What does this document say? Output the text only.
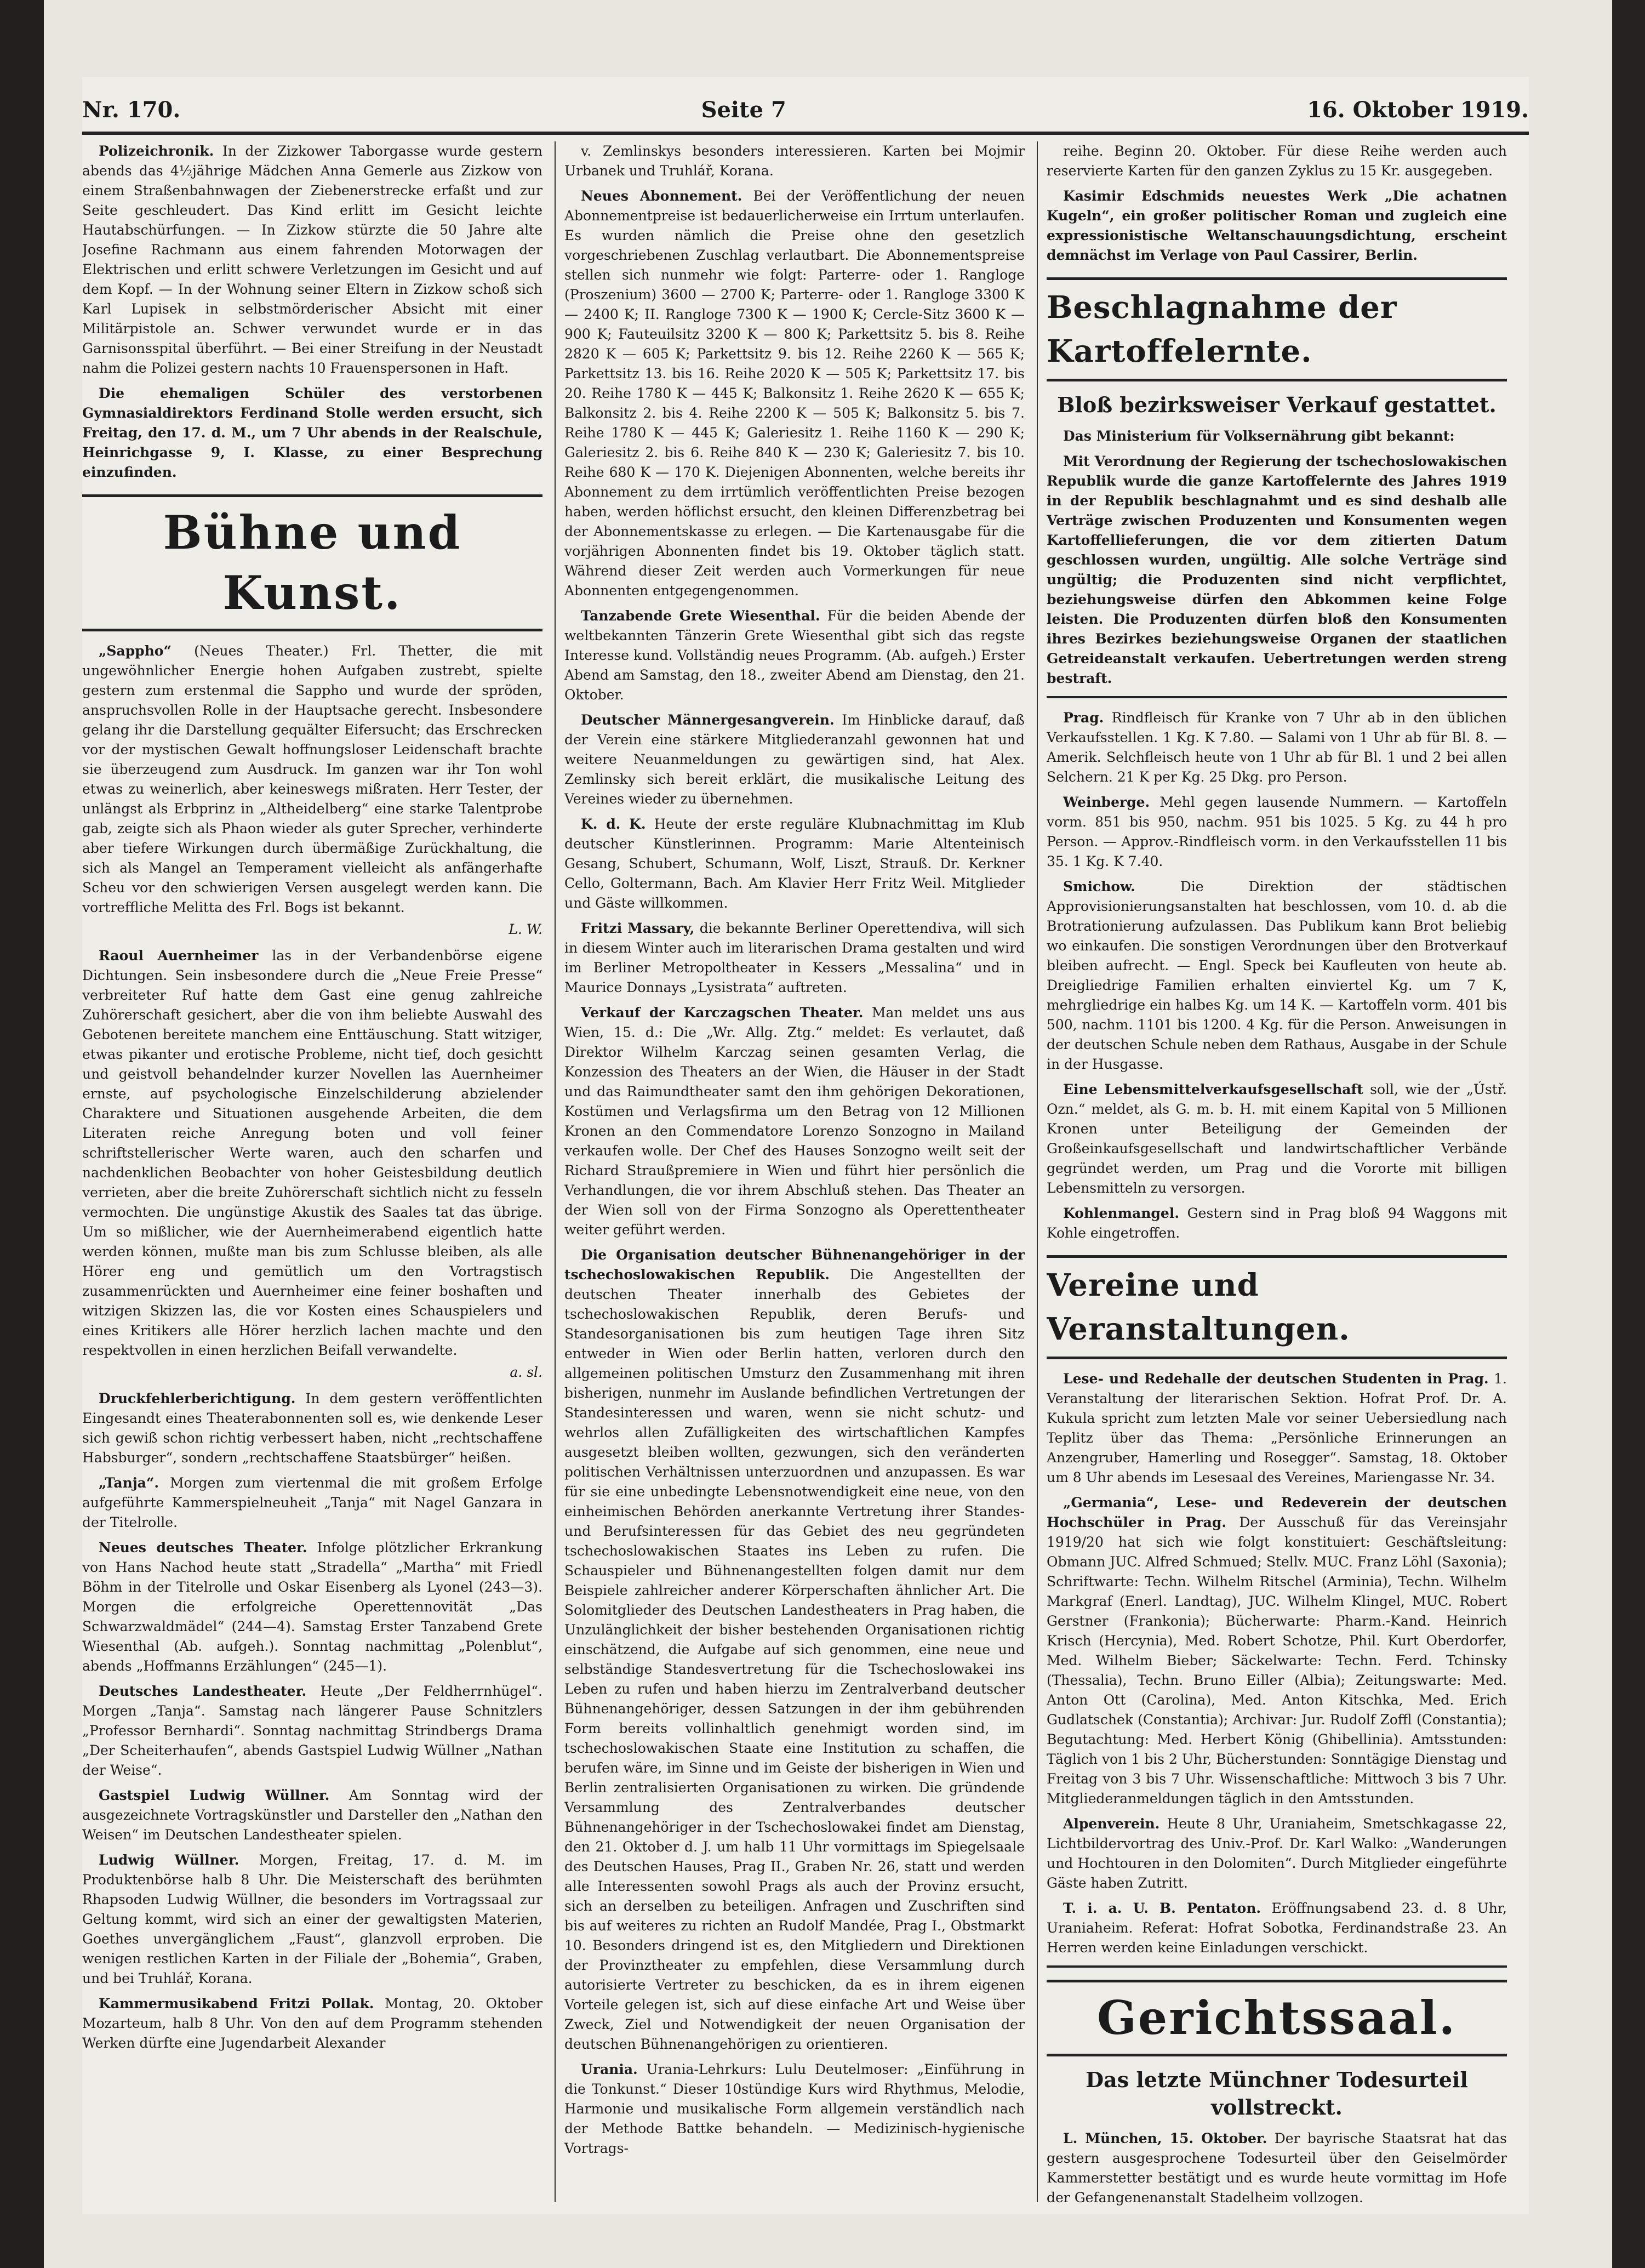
Nr. 170.	Seite 7	16. Oktober 1919.

Polizeichronik. In der Zizkower Taborgasse wurde gestern abends das 4½jährige Mädchen Anna Gemerle aus Zizkow von einem Straßenbahnwagen der Ziebenerstrecke erfaßt und zur Seite geschleudert. Das Kind erlitt im Gesicht leichte Hautabschürfungen. — In Zizkow stürzte die 50 Jahre alte Josefine Rachmann aus einem fahrenden Motorwagen der Elektrischen und erlitt schwere Verletzungen im Gesicht und auf dem Kopf. — In der Wohnung seiner Eltern in Zizkow schoß sich Karl Lupisek in selbstmörderischer Absicht mit einer Militärpistole an. Schwer verwundet wurde er in das Garnisonsspital überführt. — Bei einer Streifung in der Neustadt nahm die Polizei gestern nachts 10 Frauenspersonen in Haft.

Die ehemaligen Schüler des verstorbenen Gymnasialdirektors Ferdinand Stolle werden ersucht, sich Freitag, den 17. d. M., um 7 Uhr abends in der Realschule, Heinrichgasse 9, I. Klasse, zu einer Besprechung einzufinden.

Bühne und Kunst.

„Sappho“ (Neues Theater.) Frl. Thetter, die mit ungewöhnlicher Energie hohen Aufgaben zustrebt, spielte gestern zum erstenmal die Sappho und wurde der spröden, anspruchsvollen Rolle in der Hauptsache gerecht. Insbesondere gelang ihr die Darstellung gequälter Eifersucht; das Erschrecken vor der mystischen Gewalt hoffnungsloser Leidenschaft brachte sie überzeugend zum Ausdruck. Im ganzen war ihr Ton wohl etwas zu weinerlich, aber keineswegs mißraten. Herr Tester, der unlängst als Erbprinz in „Altheidelberg“ eine starke Talentprobe gab, zeigte sich als Phaon wieder als guter Sprecher, verhinderte aber tiefere Wirkungen durch übermäßige Zurückhaltung, die sich als Mangel an Temperament vielleicht als anfängerhafte Scheu vor den schwierigen Versen ausgelegt werden kann. Die vortreffliche Melitta des Frl. Bogs ist bekannt.

L. W.

Raoul Auernheimer las in der Verbandenbörse eigene Dichtungen. Sein insbesondere durch die „Neue Freie Presse“ verbreiteter Ruf hatte dem Gast eine genug zahlreiche Zuhörerschaft gesichert, aber die von ihm beliebte Auswahl des Gebotenen bereitete manchem eine Enttäuschung. Statt witziger, etwas pikanter und erotische Probleme, nicht tief, doch gesichtt und geistvoll behandelnder kurzer Novellen las Auernheimer ernste, auf psychologische Einzelschilderung abzielender Charaktere und Situationen ausgehende Arbeiten, die dem Literaten reiche Anregung boten und voll feiner schriftstellerischer Werte waren, auch den scharfen und nachdenklichen Beobachter von hoher Geistesbildung deutlich verrieten, aber die breite Zuhörerschaft sichtlich nicht zu fesseln vermochten. Die ungünstige Akustik des Saales tat das übrige. Um so mißlicher, wie der Auernheimerabend eigentlich hatte werden können, mußte man bis zum Schlusse bleiben, als alle Hörer eng und gemütlich um den Vortragstisch zusammenrückten und Auernheimer eine feiner boshaften und witzigen Skizzen las, die vor Kosten eines Schauspielers und eines Kritikers alle Hörer herzlich lachen machte und den respektvollen in einen herzlichen Beifall verwandelte.

a. sl.

Druckfehlerberichtigung. In dem gestern veröffentlichten Eingesandt eines Theaterabonnenten soll es, wie denkende Leser sich gewiß schon richtig verbessert haben, nicht „rechtschaffene Habsburger“, sondern „rechtschaffene Staatsbürger“ heißen.

„Tanja“. Morgen zum viertenmal die mit großem Erfolge aufgeführte Kammerspielneuheit „Tanja“ mit Nagel Ganzara in der Titelrolle.

Neues deutsches Theater. Infolge plötzlicher Erkrankung von Hans Nachod heute statt „Stradella“ „Martha“ mit Friedl Böhm in der Titelrolle und Oskar Eisenberg als Lyonel (243—3). Morgen die erfolgreiche Operettennovität „Das Schwarzwaldmädel“ (244—4). Samstag Erster Tanzabend Grete Wiesenthal (Ab. aufgeh.). Sonntag nachmittag „Polenblut“, abends „Hoffmanns Erzählungen“ (245—1).

Deutsches Landestheater. Heute „Der Feldherrnhügel“. Morgen „Tanja“. Samstag nach längerer Pause Schnitzlers „Professor Bernhardi“. Sonntag nachmittag Strindbergs Drama „Der Scheiterhaufen“, abends Gastspiel Ludwig Wüllner „Nathan der Weise“.

Gastspiel Ludwig Wüllner. Am Sonntag wird der ausgezeichnete Vortragskünstler und Darsteller den „Nathan den Weisen“ im Deutschen Landestheater spielen.

Ludwig Wüllner. Morgen, Freitag, 17. d. M. im Produktenbörse halb 8 Uhr. Die Meisterschaft des berühmten Rhapsoden Ludwig Wüllner, die besonders im Vortragssaal zur Geltung kommt, wird sich an einer der gewaltigsten Materien, Goethes unvergänglichem „Faust“, glanzvoll erproben. Die wenigen restlichen Karten in der Filiale der „Bohemia“, Graben, und bei Truhlář, Korana.

Kammermusikabend Fritzi Pollak. Montag, 20. Oktober Mozarteum, halb 8 Uhr. Von den auf dem Programm stehenden Werken dürfte eine Jugendarbeit Alexander

v. Zemlinskys besonders interessieren. Karten bei Mojmir Urbanek und Truhlář, Korana.

Neues Abonnement. Bei der Veröffentlichung der neuen Abonnementpreise ist bedauerlicherweise ein Irrtum unterlaufen. Es wurden nämlich die Preise ohne den gesetzlich vorgeschriebenen Zuschlag verlautbart. Die Abonnementspreise stellen sich nunmehr wie folgt: Parterre- oder 1. Rangloge (Proszenium) 3600 — 2700 K; Parterre- oder 1. Rangloge 3300 K — 2400 K; II. Rangloge 7300 K — 1900 K; Cercle-Sitz 3600 K — 900 K; Fauteuilsitz 3200 K — 800 K; Parkettsitz 5. bis 8. Reihe 2820 K — 605 K; Parkettsitz 9. bis 12. Reihe 2260 K — 565 K; Parkettsitz 13. bis 16. Reihe 2020 K — 505 K; Parkettsitz 17. bis 20. Reihe 1780 K — 445 K; Balkonsitz 1. Reihe 2620 K — 655 K; Balkonsitz 2. bis 4. Reihe 2200 K — 505 K; Balkonsitz 5. bis 7. Reihe 1780 K — 445 K; Galeriesitz 1. Reihe 1160 K — 290 K; Galeriesitz 2. bis 6. Reihe 840 K — 230 K; Galeriesitz 7. bis 10. Reihe 680 K — 170 K. Diejenigen Abonnenten, welche bereits ihr Abonnement zu dem irrtümlich veröffentlichten Preise bezogen haben, werden höflichst ersucht, den kleinen Differenzbetrag bei der Abonnementskasse zu erlegen. — Die Kartenausgabe für die vorjährigen Abonnenten findet bis 19. Oktober täglich statt. Während dieser Zeit werden auch Vormerkungen für neue Abonnenten entgegengenommen.

Tanzabende Grete Wiesenthal. Für die beiden Abende der weltbekannten Tänzerin Grete Wiesenthal gibt sich das regste Interesse kund. Vollständig neues Programm. (Ab. aufgeh.) Erster Abend am Samstag, den 18., zweiter Abend am Dienstag, den 21. Oktober.

Deutscher Männergesangverein. Im Hinblicke darauf, daß der Verein eine stärkere Mitgliederanzahl gewonnen hat und weitere Neuanmeldungen zu gewärtigen sind, hat Alex. Zemlinsky sich bereit erklärt, die musikalische Leitung des Vereines wieder zu übernehmen.

K. d. K. Heute der erste reguläre Klubnachmittag im Klub deutscher Künstlerinnen. Programm: Marie Altenteinisch Gesang, Schubert, Schumann, Wolf, Liszt, Strauß. Dr. Kerkner Cello, Goltermann, Bach. Am Klavier Herr Fritz Weil. Mitglieder und Gäste willkommen.

Fritzi Massary, die bekannte Berliner Operettendiva, will sich in diesem Winter auch im literarischen Drama gestalten und wird im Berliner Metropoltheater in Kessers „Messalina“ und in Maurice Donnays „Lysistrata“ auftreten.

Verkauf der Karczagschen Theater. Man meldet uns aus Wien, 15. d.: Die „Wr. Allg. Ztg.“ meldet: Es verlautet, daß Direktor Wilhelm Karczag seinen gesamten Verlag, die Konzession des Theaters an der Wien, die Häuser in der Stadt und das Raimundtheater samt den ihm gehörigen Dekorationen, Kostümen und Verlagsfirma um den Betrag von 12 Millionen Kronen an den Commendatore Lorenzo Sonzogno in Mailand verkaufen wolle. Der Chef des Hauses Sonzogno weilt seit der Richard Straußpremiere in Wien und führt hier persönlich die Verhandlungen, die vor ihrem Abschluß stehen. Das Theater an der Wien soll von der Firma Sonzogno als Operettentheater weiter geführt werden.

Die Organisation deutscher Bühnenangehöriger in der tschechoslowakischen Republik. Die Angestellten der deutschen Theater innerhalb des Gebietes der tschechoslowakischen Republik, deren Berufs- und Standesorganisationen bis zum heutigen Tage ihren Sitz entweder in Wien oder Berlin hatten, verloren durch den allgemeinen politischen Umsturz den Zusammenhang mit ihren bisherigen, nunmehr im Auslande befindlichen Vertretungen der Standesinteressen und waren, wenn sie nicht schutz- und wehrlos allen Zufälligkeiten des wirtschaftlichen Kampfes ausgesetzt bleiben wollten, gezwungen, sich den veränderten politischen Verhältnissen unterzuordnen und anzupassen. Es war für sie eine unbedingte Lebensnotwendigkeit eine neue, von den einheimischen Behörden anerkannte Vertretung ihrer Standes- und Berufsinteressen für das Gebiet des neu gegründeten tschechoslowakischen Staates ins Leben zu rufen. Die Schauspieler und Bühnenangestellten folgen damit nur dem Beispiele zahlreicher anderer Körperschaften ähnlicher Art. Die Solomitglieder des Deutschen Landestheaters in Prag haben, die Unzulänglichkeit der bisher bestehenden Organisationen richtig einschätzend, die Aufgabe auf sich genommen, eine neue und selbständige Standesvertretung für die Tschechoslowakei ins Leben zu rufen und haben hierzu im Zentralverband deutscher Bühnenangehöriger, dessen Satzungen in der ihm gebührenden Form bereits vollinhaltlich genehmigt worden sind, im tschechoslowakischen Staate eine Institution zu schaffen, die berufen wäre, im Sinne und im Geiste der bisherigen in Wien und Berlin zentralisierten Organisationen zu wirken. Die gründende Versammlung des Zentralverbandes deutscher Bühnenangehöriger in der Tschechoslowakei findet am Dienstag, den 21. Oktober d. J. um halb 11 Uhr vormittags im Spiegelsaale des Deutschen Hauses, Prag II., Graben Nr. 26, statt und werden alle Interessenten sowohl Prags als auch der Provinz ersucht, sich an derselben zu beteiligen. Anfragen und Zuschriften sind bis auf weiteres zu richten an Rudolf Mandée, Prag I., Obstmarkt 10. Besonders dringend ist es, den Mitgliedern und Direktionen der Provinztheater zu empfehlen, diese Versammlung durch autorisierte Vertreter zu beschicken, da es in ihrem eigenen Vorteile gelegen ist, sich auf diese einfache Art und Weise über Zweck, Ziel und Notwendigkeit der neuen Organisation der deutschen Bühnenangehörigen zu orientieren.

Urania. Urania-Lehrkurs: Lulu Deutelmoser: „Einführung in die Tonkunst.“ Dieser 10stündige Kurs wird Rhythmus, Melodie, Harmonie und musikalische Form allgemein verständlich nach der Methode Battke behandeln. — Medizinisch-hygienische Vortrags-

reihe. Beginn 20. Oktober. Für diese Reihe werden auch reservierte Karten für den ganzen Zyklus zu 15 Kr. ausgegeben.

Kasimir Edschmids neuestes Werk „Die achatnen Kugeln“, ein großer politischer Roman und zugleich eine expressionistische Weltanschauungsdichtung, erscheint demnächst im Verlage von Paul Cassirer, Berlin.

Beschlagnahme der Kartoffelernte.
Bloß bezirksweiser Verkauf gestattet.

Das Ministerium für Volksernährung gibt bekannt:

Mit Verordnung der Regierung der tschechoslowakischen Republik wurde die ganze Kartoffelernte des Jahres 1919 in der Republik beschlagnahmt und es sind deshalb alle Verträge zwischen Produzenten und Konsumenten wegen Kartoffellieferungen, die vor dem zitierten Datum geschlossen wurden, ungültig. Alle solche Verträge sind ungültig; die Produzenten sind nicht verpflichtet, beziehungsweise dürfen den Abkommen keine Folge leisten. Die Produzenten dürfen bloß den Konsumenten ihres Bezirkes beziehungsweise Organen der staatlichen Getreideanstalt verkaufen. Uebertretungen werden streng bestraft.

Prag. Rindfleisch für Kranke von 7 Uhr ab in den üblichen Verkaufsstellen. 1 Kg. K 7.80. — Salami von 1 Uhr ab für Bl. 8. — Amerik. Selchfleisch heute von 1 Uhr ab für Bl. 1 und 2 bei allen Selchern. 21 K per Kg. 25 Dkg. pro Person.

Weinberge. Mehl gegen lausende Nummern. — Kartoffeln vorm. 851 bis 950, nachm. 951 bis 1025. 5 Kg. zu 44 h pro Person. — Approv.-Rindfleisch vorm. in den Verkaufsstellen 11 bis 35. 1 Kg. K 7.40.

Smichow.	Die Direktion der städtischen Approvisionierungsanstalten hat beschlossen, vom 10. d. ab die Brotrationierung aufzulassen. Das Publikum kann Brot beliebig wo einkaufen. Die sonstigen Verordnungen über den Brotverkauf bleiben aufrecht. — Engl. Speck bei Kaufleuten von heute ab. Dreigliedrige Familien erhalten einviertel Kg. um 7 K, mehrgliedrige ein halbes Kg. um 14 K. — Kartoffeln vorm. 401 bis 500, nachm. 1101 bis 1200. 4 Kg. für die Person. Anweisungen in der deutschen Schule neben dem Rathaus, Ausgabe in der Schule in der Husgasse.

Eine Lebensmittelverkaufsgesellschaft soll, wie der „Ústř. Ozn.“ meldet, als G. m. b. H. mit einem Kapital von 5 Millionen Kronen unter Beteiligung der Gemeinden der Großeinkaufsgesellschaft und landwirtschaftlicher Verbände gegründet werden, um Prag und die Vororte mit billigen Lebensmitteln zu versorgen.

Kohlenmangel. Gestern sind in Prag bloß 94 Waggons mit Kohle eingetroffen.

Vereine und Veranstaltungen.

Lese- und Redehalle der deutschen Studenten in Prag. 1. Veranstaltung der literarischen Sektion. Hofrat Prof. Dr. A. Kukula spricht zum letzten Male vor seiner Uebersiedlung nach Teplitz über das Thema: „Persönliche Erinnerungen an Anzengruber, Hamerling und Rosegger“. Samstag, 18. Oktober um 8 Uhr abends im Lesesaal des Vereines, Mariengasse Nr. 34.

„Germania“, Lese- und Redeverein der deutschen Hochschüler in Prag. Der Ausschuß für das Vereinsjahr 1919/20 hat sich wie folgt konstituiert: Geschäftsleitung: Obmann JUC. Alfred Schmued; Stellv. MUC. Franz Löhl (Saxonia); Schriftwarte: Techn. Wilhelm Ritschel (Arminia), Techn. Wilhelm Markgraf (Enerl. Landtag), JUC. Wilhelm Klingel, MUC. Robert Gerstner (Frankonia); Bücherwarte: Pharm.-Kand. Heinrich Krisch (Hercynia), Med. Robert Schotze, Phil. Kurt Oberdorfer, Med. Wilhelm Bieber; Säckelwarte: Techn. Ferd. Tchinsky (Thessalia), Techn. Bruno Eiller (Albia); Zeitungswarte: Med. Anton Ott (Carolina), Med. Anton Kitschka, Med. Erich Gudlatschek (Constantia); Archivar: Jur. Rudolf Zoffl (Constantia); Begutachtung: Med. Herbert König (Ghibellinia). Amtsstunden: Täglich von 1 bis 2 Uhr, Bücherstunden: Sonntägige Dienstag und Freitag von 3 bis 7 Uhr. Wissenschaftliche: Mittwoch 3 bis 7 Uhr. Mitgliederanmeldungen täglich in den Amtsstunden.

Alpenverein. Heute 8 Uhr, Uraniaheim, Smetschkagasse 22, Lichtbildervortrag des Univ.-Prof. Dr. Karl Walko: „Wanderungen und Hochtouren in den Dolomiten“. Durch Mitglieder eingeführte Gäste haben Zutritt.

T. i. a. U. B. Pentaton. Eröffnungsabend 23. d. 8 Uhr, Uraniaheim. Referat: Hofrat Sobotka, Ferdinandstraße 23. An Herren werden keine Einladungen verschickt.

Gerichtssaal.
Das letzte Münchner Todesurteil vollstreckt.

L. München, 15. Oktober. Der bayrische Staatsrat hat das gestern ausgesprochene Todesurteil über den Geiselmörder Kammerstetter bestätigt und es wurde heute vormittag im Hofe der Gefangenenanstalt Stadelheim vollzogen.
